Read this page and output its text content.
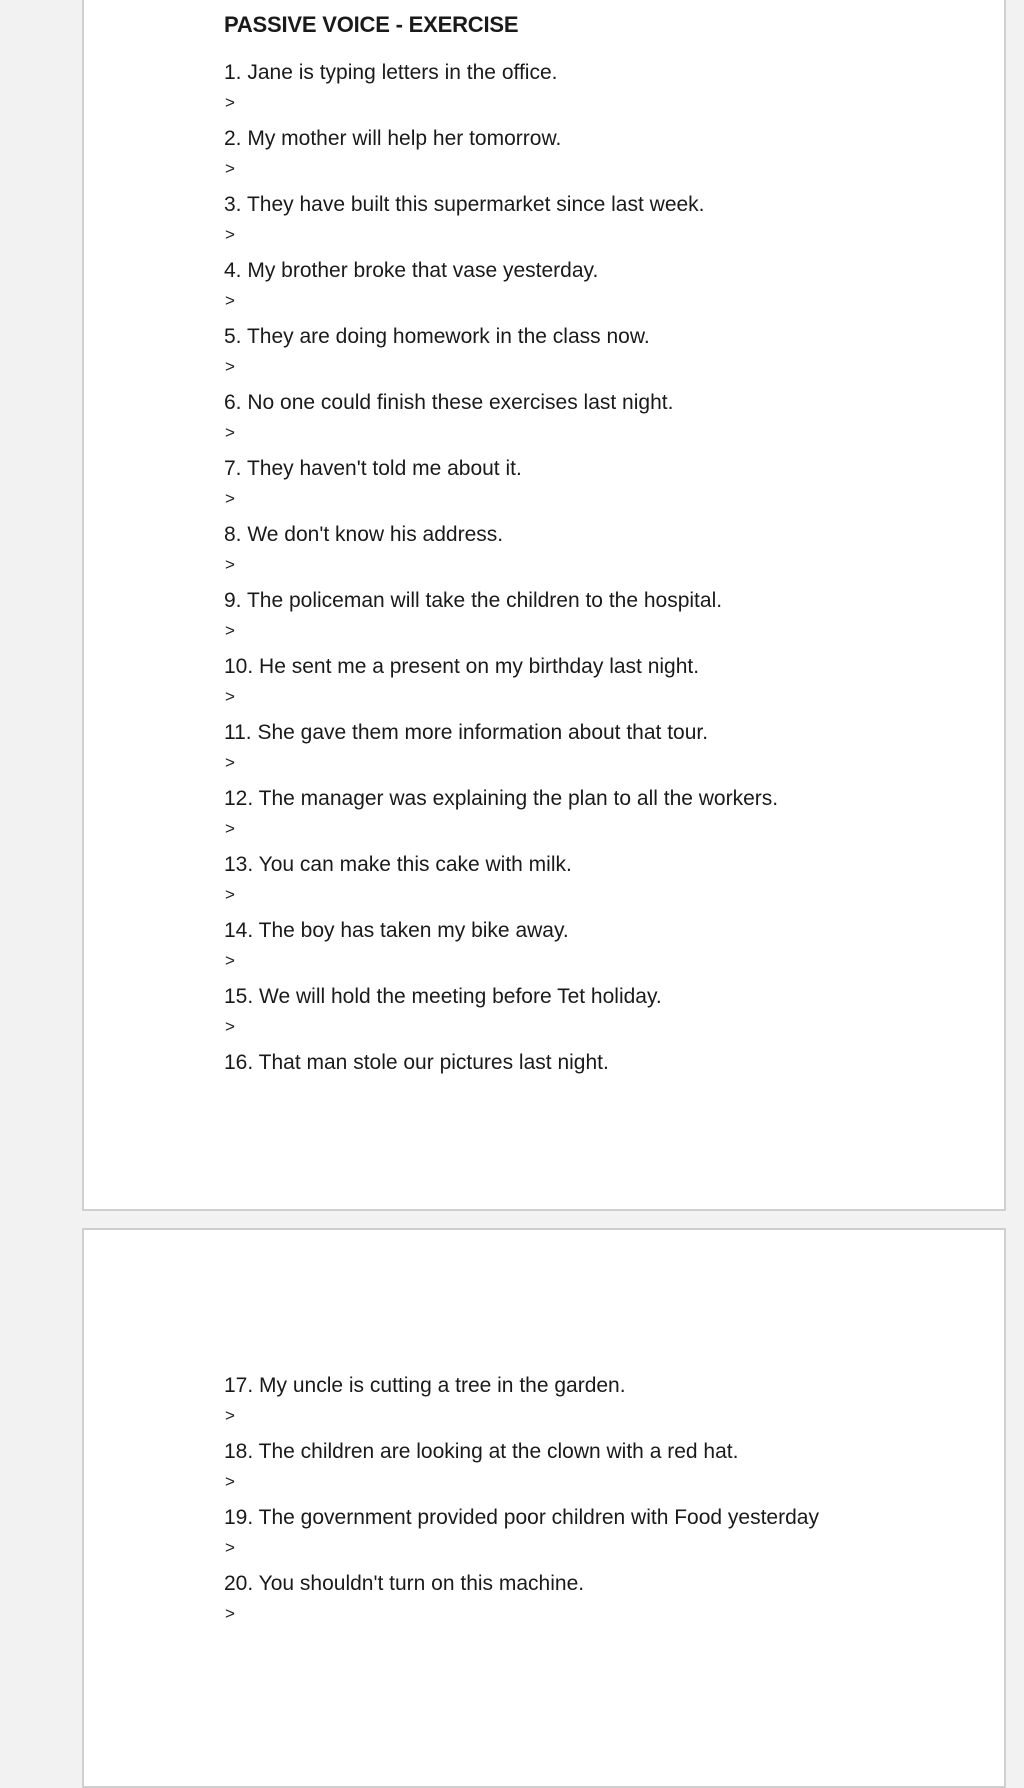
PASSIVE VOICE - EXERCISE
1. Jane is typing letters in the office.
>
2. My mother will help her tomorrow.
>
3. They have built this supermarket since last week.
>
4. My brother broke that vase yesterday.
>
5. They are doing homework in the class now.
>
6. No one could finish these exercises last night.
>
7. They haven't told me about it.
>
8. We don't know his address.
>
9. The policeman will take the children to the hospital.
>
10. He sent me a present on my birthday last night.
>
11. She gave them more information about that tour.
>
12. The manager was explaining the plan to all the workers.
>
13. You can make this cake with milk.
>
14. The boy has taken my bike away.
>
15. We will hold the meeting before Tet holiday.
>
16. That man stole our pictures last night.
17. My uncle is cutting a tree in the garden.
>
18. The children are looking at the clown with a red hat.
>
19. The government provided poor children with Food yesterday
>
20. You shouldn't turn on this machine.
>
